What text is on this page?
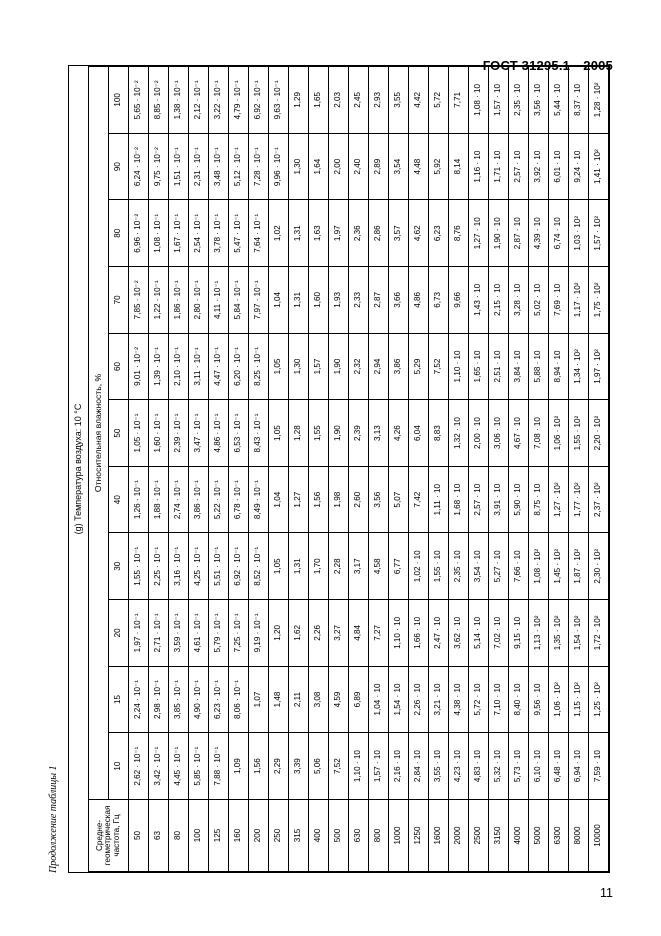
ГОСТ 31295.1—2005
11
Продолжение таблицы 1
(g) Температура воздуха: 10 °C											
Средне-
геометрическая
частота, Гц	Относительная влажность, %										
	10	15	20	30	40	50	60	70	80	90	100
50	2,62 · 10⁻¹	2,24 · 10⁻¹	1,97 · 10⁻¹	1,55 · 10⁻¹	1,26 · 10⁻¹	1,05 · 10⁻¹	9,01 · 10⁻²	7,85 · 10⁻²	6,96 · 10⁻²	6,24 · 10⁻²	5,65 · 10⁻²
63	3,42 · 10⁻¹	2,98 · 10⁻¹	2,71 · 10⁻¹	2,25 · 10⁻¹	1,88 · 10⁻¹	1,60 · 10⁻¹	1,39 · 10⁻¹	1,22 · 10⁻¹	1,08 · 10⁻¹	9,75 · 10⁻²	8,85 · 10⁻²
80	4,45 · 10⁻¹	3,85 · 10⁻¹	3,59 · 10⁻¹	3,16 · 10⁻¹	2,74 · 10⁻¹	2,39 · 10⁻¹	2,10 · 10⁻¹	1,86 · 10⁻¹	1,67 · 10⁻¹	1,51 · 10⁻¹	1,38 · 10⁻¹
100	5,85 · 10⁻¹	4,90 · 10⁻¹	4,61 · 10⁻¹	4,25 · 10⁻¹	3,86 · 10⁻¹	3,47 · 10⁻¹	3,11 · 10⁻¹	2,80 · 10⁻¹	2,54 · 10⁻¹	2,31 · 10⁻¹	2,12 · 10⁻¹
125	7,88 · 10⁻¹	6,23 · 10⁻¹	5,79 · 10⁻¹	5,51 · 10⁻¹	5,22 · 10⁻¹	4,86 · 10⁻¹	4,47 · 10⁻¹	4,11 · 10⁻¹	3,78 · 10⁻¹	3,48 · 10⁻¹	3,22 · 10⁻¹
160	1,09	8,06 · 10⁻¹	7,25 · 10⁻¹	6,92 · 10⁻¹	6,78 · 10⁻¹	6,53 · 10⁻¹	6,20 · 10⁻¹	5,84 · 10⁻¹	5,47 · 10⁻¹	5,12 · 10⁻¹	4,79 · 10⁻¹
200	1,56	1,07	9,19 · 10⁻¹	8,52 · 10⁻¹	8,49 · 10⁻¹	8,43 · 10⁻¹	8,25 · 10⁻¹	7,97 · 10⁻¹	7,64 · 10⁻¹	7,28 · 10⁻¹	6,92 · 10⁻¹
250	2,29	1,48	1,20	1,05	1,04	1,05	1,05	1,04	1,02	9,96 · 10⁻¹	9,63 · 10⁻¹
315	3,39	2,11	1,62	1,31	1,27	1,28	1,30	1,31	1,31	1,30	1,29
400	5,06	3,08	2,26	1,70	1,56	1,55	1,57	1,60	1,63	1,64	1,65
500	7,52	4,59	3,27	2,28	1,98	1,90	1,90	1,93	1,97	2,00	2,03
630	1,10 · 10	6,89	4,84	3,17	2,60	2,39	2,32	2,33	2,36	2,40	2,45
800	1,57 · 10	1,04 · 10	7,27	4,58	3,56	3,13	2,94	2,87	2,86	2,89	2,93
1000	2,16 · 10	1,54 · 10	1,10 · 10	6,77	5,07	4,26	3,86	3,66	3,57	3,54	3,55
1250	2,84 · 10	2,26 · 10	1,66 · 10	1,02 · 10	7,42	6,04	5,29	4,86	4,62	4,48	4,42
1600	3,55 · 10	3,21 · 10	2,47 · 10	1,55 · 10	1,11 · 10	8,83	7,52	6,73	6,23	5,92	5,72
2000	4,23 · 10	4,38 · 10	3,62 · 10	2,35 · 10	1,68 · 10	1,32 · 10	1,10 · 10	9,66	8,76	8,14	7,71
2500	4,83 · 10	5,72 · 10	5,14 · 10	3,54 · 10	2,57 · 10	2,00 · 10	1,65 · 10	1,43 · 10	1,27 · 10	1,16 · 10	1,08 · 10
3150	5,32 · 10	7,10 · 10	7,02 · 10	5,27 · 10	3,91 · 10	3,06 · 10	2,51 · 10	2,15 · 10	1,90 · 10	1,71 · 10	1,57 · 10
4000	5,73 · 10	8,40 · 10	9,15 · 10	7,66 · 10	5,90 · 10	4,67 · 10	3,84 · 10	3,28 · 10	2,87 · 10	2,57 · 10	2,35 · 10
5000	6,10 · 10	9,56 · 10	1,13 · 10²	1,08 · 10²	8,75 · 10	7,08 · 10	5,88 · 10	5,02 · 10	4,39 · 10	3,92 · 10	3,56 · 10
6300	6,48 · 10	1,06 · 10²	1,35 · 10²	1,45 · 10²	1,27 · 10²	1,06 · 10²	8,94 · 10	7,69 · 10	6,74 · 10	6,01 · 10	5,44 · 10
8000	6,94 · 10	1,15 · 10²	1,54 · 10²	1,87 · 10²	1,77 · 10²	1,55 · 10²	1,34 · 10²	1,17 · 10²	1,03 · 10²	9,24 · 10	8,37 · 10
10000	7,59 · 10	1,25 · 10²	1,72 · 10²	2,30 · 10²	2,37 · 10²	2,20 · 10²	1,97 · 10²	1,75 · 10²	1,57 · 10²	1,41 · 10²	1,28 · 10²
